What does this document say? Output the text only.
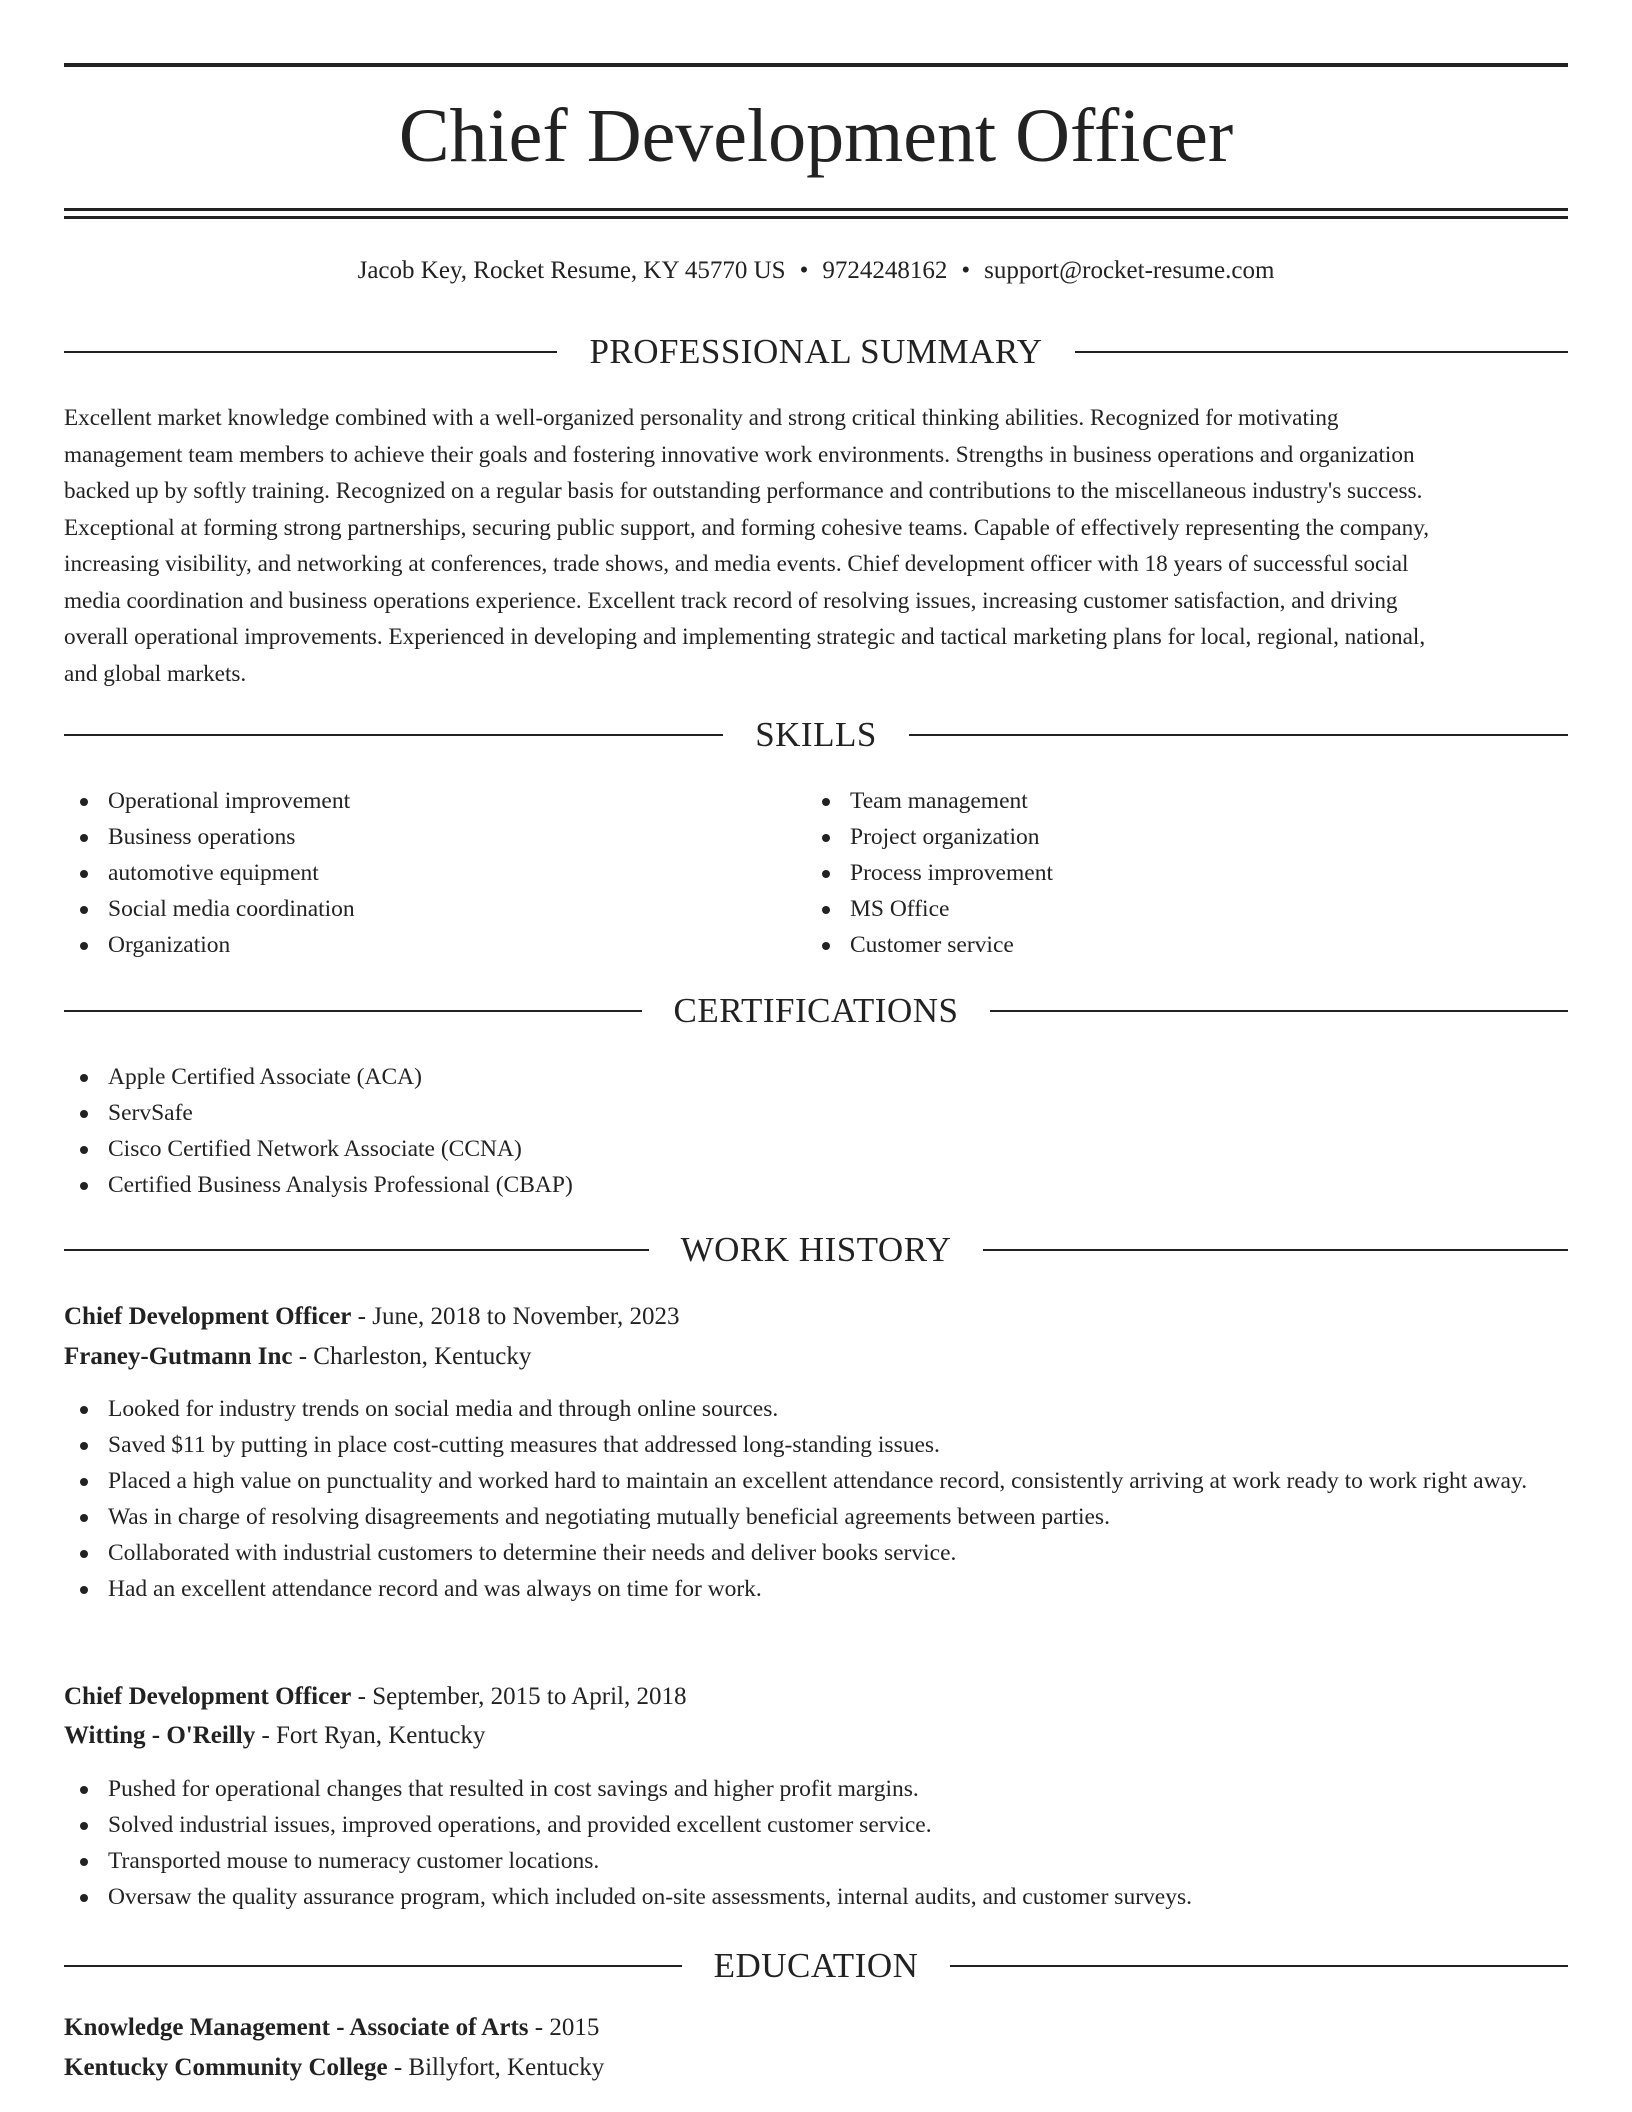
Chief Development Officer
Jacob Key, Rocket Resume, KY 45770 US • 9724248162 • support@rocket-resume.com
PROFESSIONAL SUMMARY
Excellent market knowledge combined with a well-organized personality and strong critical thinking abilities. Recognized for motivating
management team members to achieve their goals and fostering innovative work environments. Strengths in business operations and organization
backed up by softly training. Recognized on a regular basis for outstanding performance and contributions to the miscellaneous industry's success.
Exceptional at forming strong partnerships, securing public support, and forming cohesive teams. Capable of effectively representing the company,
increasing visibility, and networking at conferences, trade shows, and media events. Chief development officer with 18 years of successful social
media coordination and business operations experience. Excellent track record of resolving issues, increasing customer satisfaction, and driving
overall operational improvements. Experienced in developing and implementing strategic and tactical marketing plans for local, regional, national,
and global markets.
SKILLS
Operational improvement
Business operations
automotive equipment
Social media coordination
Organization
Team management
Project organization
Process improvement
MS Office
Customer service
CERTIFICATIONS
Apple Certified Associate (ACA)
ServSafe
Cisco Certified Network Associate (CCNA)
Certified Business Analysis Professional (CBAP)
WORK HISTORY
Chief Development Officer - June, 2018 to November, 2023
Franey-Gutmann Inc - Charleston, Kentucky
Looked for industry trends on social media and through online sources.
Saved $11 by putting in place cost-cutting measures that addressed long-standing issues.
Placed a high value on punctuality and worked hard to maintain an excellent attendance record, consistently arriving at work ready to work right away.
Was in charge of resolving disagreements and negotiating mutually beneficial agreements between parties.
Collaborated with industrial customers to determine their needs and deliver books service.
Had an excellent attendance record and was always on time for work.
Chief Development Officer - September, 2015 to April, 2018
Witting - O'Reilly - Fort Ryan, Kentucky
Pushed for operational changes that resulted in cost savings and higher profit margins.
Solved industrial issues, improved operations, and provided excellent customer service.
Transported mouse to numeracy customer locations.
Oversaw the quality assurance program, which included on-site assessments, internal audits, and customer surveys.
EDUCATION
Knowledge Management - Associate of Arts - 2015
Kentucky Community College - Billyfort, Kentucky
